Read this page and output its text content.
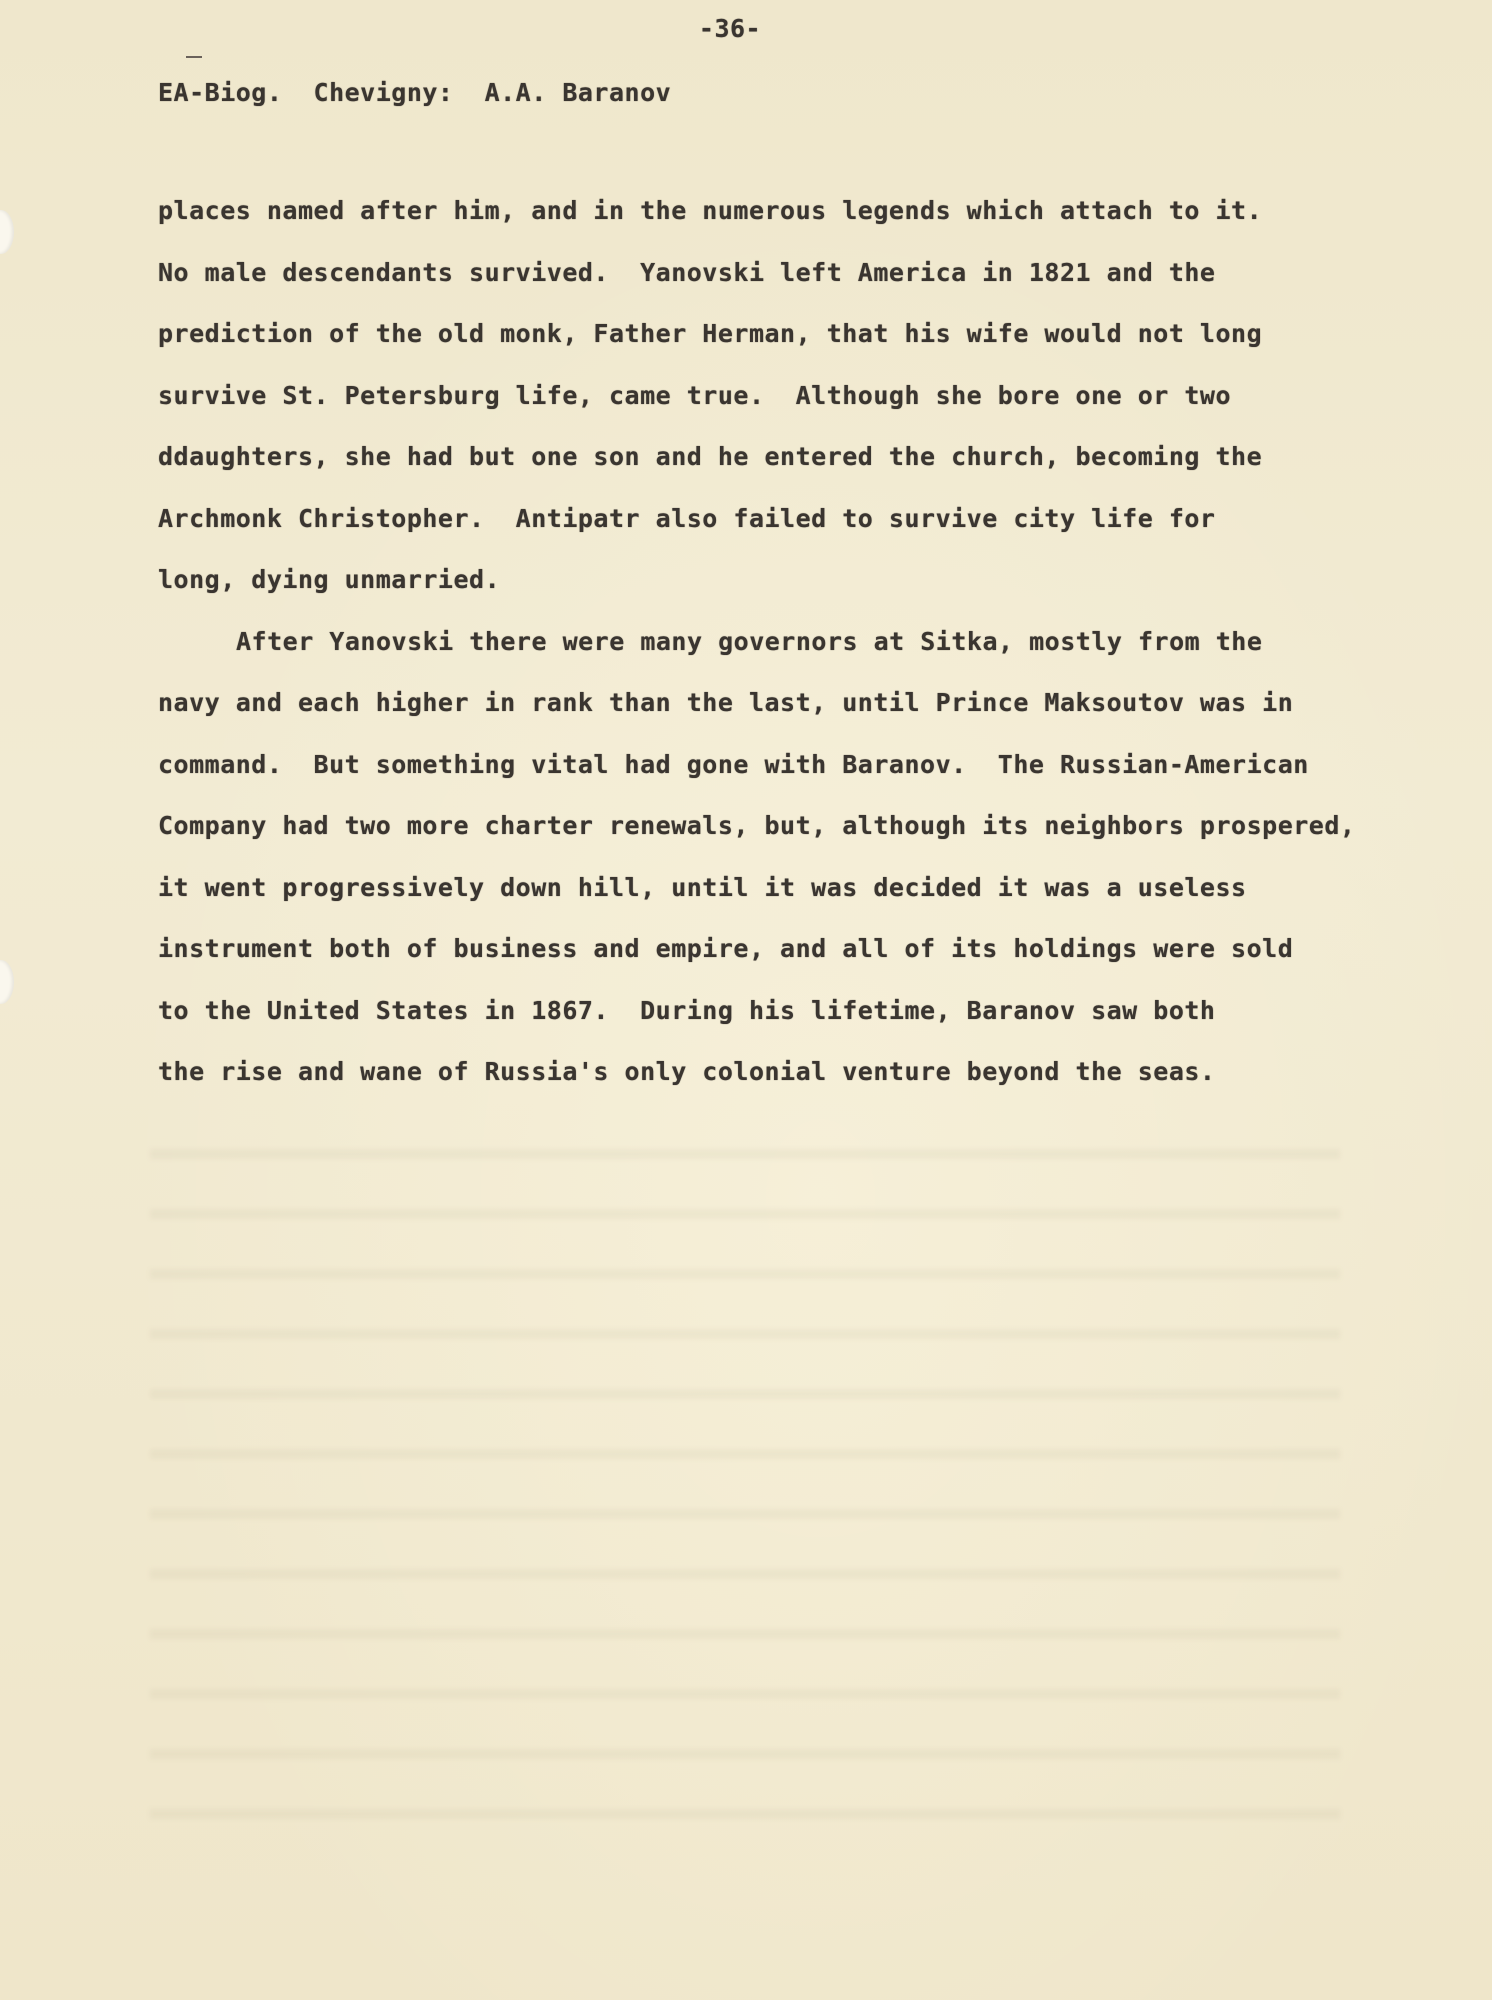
-36-
EA-Biog.  Chevigny:  A.A. Baranov
places named after him, and in the numerous legends which attach to it.
No male descendants survived.  Yanovski left America in 1821 and the
prediction of the old monk, Father Herman, that his wife would not long
survive St. Petersburg life, came true.  Although she bore one or two
ddaughters, she had but one son and he entered the church, becoming the
Archmonk Christopher.  Antipatr also failed to survive city life for
long, dying unmarried.
After Yanovski there were many governors at Sitka, mostly from the
navy and each higher in rank than the last, until Prince Maksoutov was in
command.  But something vital had gone with Baranov.  The Russian-American
Company had two more charter renewals, but, although its neighbors prospered,
it went progressively down hill, until it was decided it was a useless
instrument both of business and empire, and all of its holdings were sold
to the United States in 1867.  During his lifetime, Baranov saw both
the rise and wane of Russia's only colonial venture beyond the seas.
